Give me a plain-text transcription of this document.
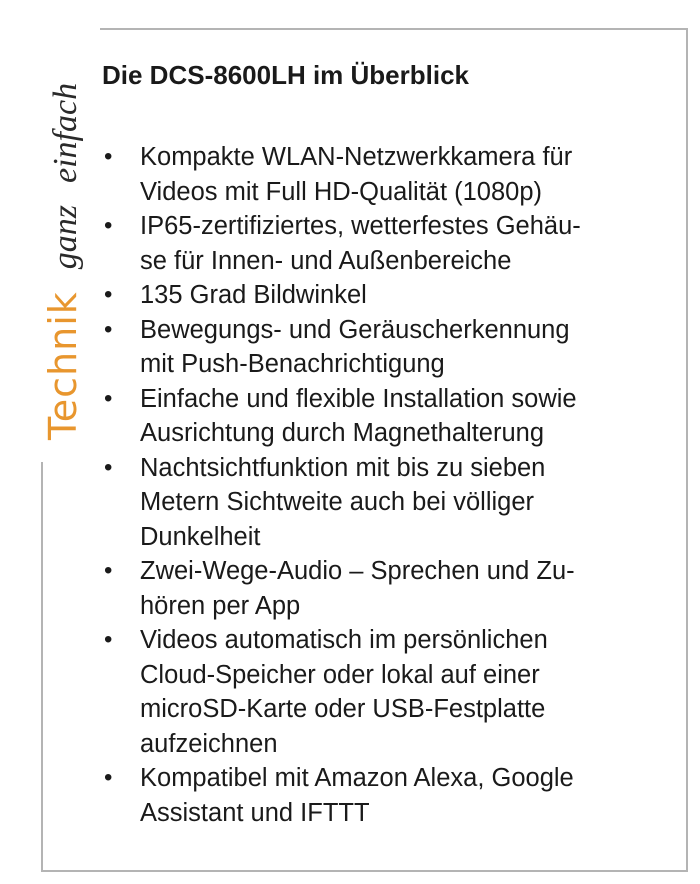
Technikganzeinfach
Die DCS-8600LH im Überblick
• Kompakte WLAN-Netzwerkkamera für
Videos mit Full HD-Qualität (1080p)
• IP65-zertifiziertes, wetterfestes Gehäu-
se für Innen- und Außenbereiche
• 135 Grad Bildwinkel
• Bewegungs- und Geräuscherkennung
mit Push-Benachrichtigung
• Einfache und flexible Installation sowie
Ausrichtung durch Magnethalterung
• Nachtsichtfunktion mit bis zu sieben
Metern Sichtweite auch bei völliger
Dunkelheit
• Zwei-Wege-Audio – Sprechen und Zu-
hören per App
• Videos automatisch im persönlichen
Cloud-Speicher oder lokal auf einer
microSD-Karte oder USB-Festplatte
aufzeichnen
• Kompatibel mit Amazon Alexa, Google
Assistant und IFTTT
